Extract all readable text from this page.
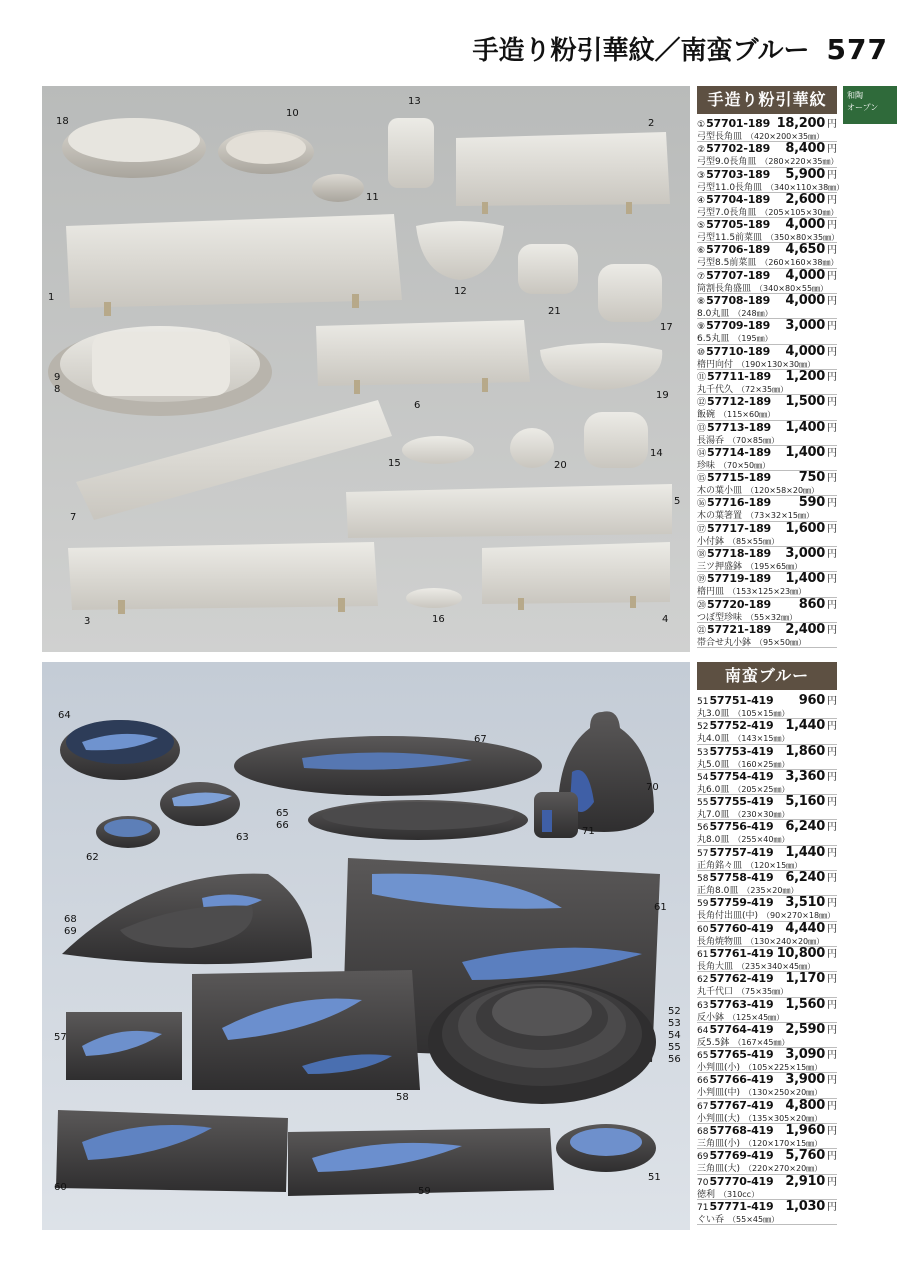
手造り粉引華紋／南蛮ブルー 577
18
10
13
2
11
1
12
21
17
9
8
6
19
15	20
14
7
5
3	16	4
64
67
70
65
66
63
71
62
68
69
61
57
52
53
54
55
56
58
60	59
51
和陶
オープン
手造り粉引華紋
南蛮ブルー
①57701-189 18,200 円
弓型長角皿 （420×200×35㎜）
②57702-189 8,400 円
弓型9.0長角皿 （280×220×35㎜）
③57703-189 5,900 円
弓型11.0長角皿 （340×110×38㎜）
④57704-189 2,600 円
弓型7.0長角皿 （205×105×30㎜）
⑤57705-189 4,000 円
弓型11.5前菜皿 （350×80×35㎜）
⑥57706-189 4,650 円
弓型8.5前菜皿 （260×160×38㎜）
⑦57707-189 4,000 円
筒割長角盛皿 （340×80×55㎜）
⑧57708-189 4,000 円
8.0丸皿 （248㎜）
⑨57709-189 3,000 円
6.5丸皿 （195㎜）
⑩57710-189 4,000 円
楕円向付 （190×130×30㎜）
⑪57711-189 1,200 円
丸千代久 （72×35㎜）
⑫57712-189 1,500 円
飯碗 （115×60㎜）
⑬57713-189 1,400 円
長湯呑 （70×85㎜）
⑭57714-189 1,400 円
珍味 （70×50㎜）
⑮57715-189 750 円
木の葉小皿 （120×58×20㎜）
⑯57716-189 590 円
木の葉箸置 （73×32×15㎜）
⑰57717-189 1,600 円
小付鉢 （85×55㎜）
⑱57718-189 3,000 円
三ツ押盛鉢 （195×65㎜）
⑲57719-189 1,400 円
楕円皿 （153×125×23㎜）
⑳57720-189 860 円
つぼ型珍味 （55×32㎜）
㉑57721-189 2,400 円
帯合せ丸小鉢 （95×50㎜）
5157751-419 960 円
丸3.0皿 （105×15㎜）
5257752-419 1,440 円
丸4.0皿 （143×15㎜）
5357753-419 1,860 円
丸5.0皿 （160×25㎜）
5457754-419 3,360 円
丸6.0皿 （205×25㎜）
5557755-419 5,160 円
丸7.0皿 （230×30㎜）
5657756-419 6,240 円
丸8.0皿 （255×40㎜）
5757757-419 1,440 円
正角銘々皿 （120×15㎜）
5857758-419 6,240 円
正角8.0皿 （235×20㎜）
5957759-419 3,510 円
長角付出皿(中) （90×270×18㎜）
6057760-419 4,440 円
長角焼物皿 （130×240×20㎜）
6157761-419 10,800 円
長角大皿 （235×340×45㎜）
6257762-419 1,170 円
丸千代口 （75×35㎜）
6357763-419 1,560 円
反小鉢 （125×45㎜）
6457764-419 2,590 円
反5.5鉢 （167×45㎜）
6557765-419 3,090 円
小判皿(小) （105×225×15㎜）
6657766-419 3,900 円
小判皿(中) （130×250×20㎜）
6757767-419 4,800 円
小判皿(大) （135×305×20㎜）
6857768-419 1,960 円
三角皿(小) （120×170×15㎜）
6957769-419 5,760 円
三角皿(大) （220×270×20㎜）
7057770-419 2,910 円
徳利 （310cc）
7157771-419 1,030 円
ぐい呑 （55×45㎜）
